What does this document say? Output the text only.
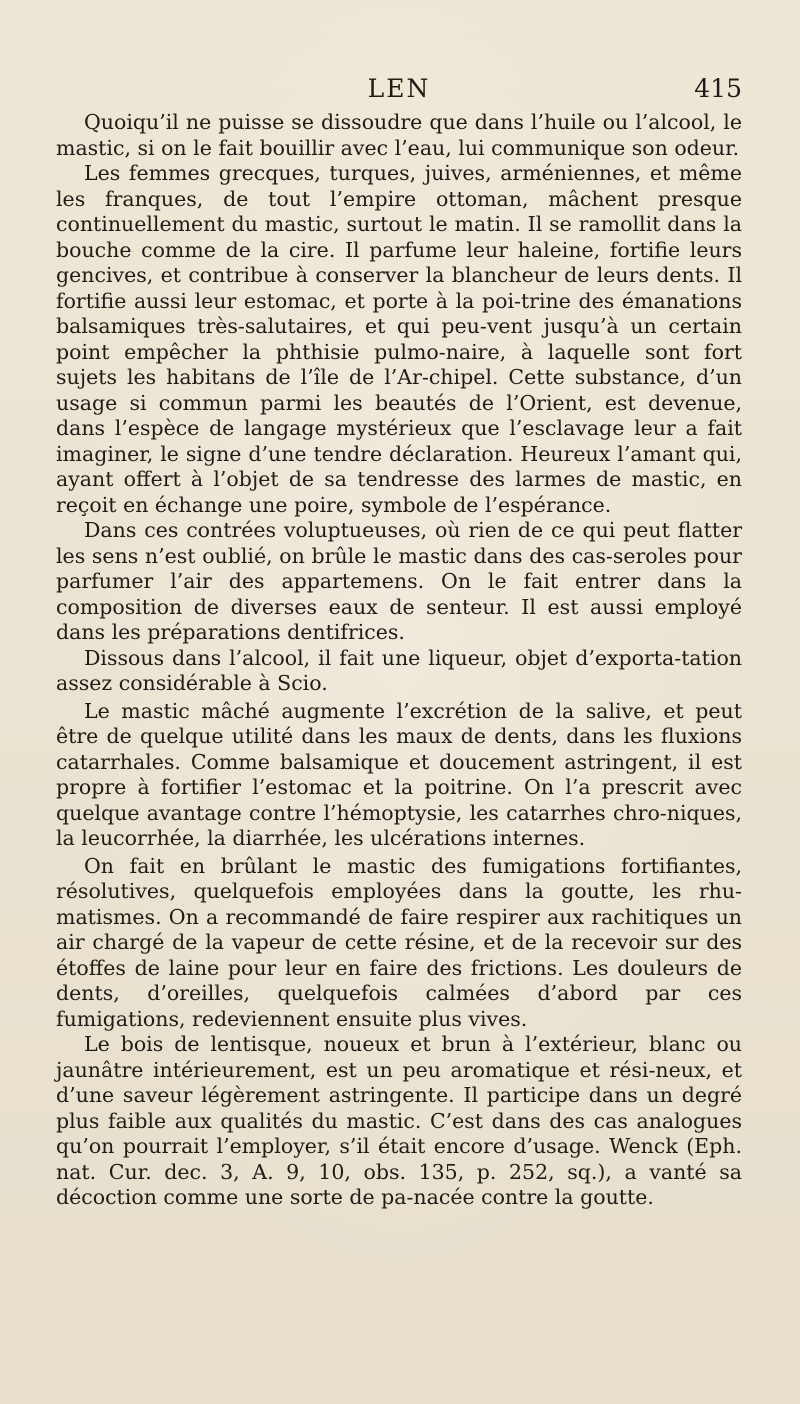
LEN	415

Quoiqu’il ne puisse se dissoudre que dans l’huile ou l’alcool, le mastic, si on le fait bouillir avec l’eau, lui communique son odeur.

Les femmes grecques, turques, juives, arméniennes, et même les franques, de tout l’empire ottoman, mâchent presque continuellement du mastic, surtout le matin. Il se ramollit dans la bouche comme de la cire. Il parfume leur haleine, fortifie leurs gencives, et contribue à conserver la blancheur de leurs dents. Il fortifie aussi leur estomac, et porte à la poi-trine des émanations balsamiques très-salutaires, et qui peu-vent jusqu’à un certain point empêcher la phthisie pulmo-naire, à laquelle sont fort sujets les habitans de l’île de l’Ar-chipel. Cette substance, d’un usage si commun parmi les beautés de l’Orient, est devenue, dans l’espèce de langage mystérieux que l’esclavage leur a fait imaginer, le signe d’une tendre déclaration. Heureux l’amant qui, ayant offert à l’objet de sa tendresse des larmes de mastic, en reçoit en échange une poire, symbole de l’espérance.

Dans ces contrées voluptueuses, où rien de ce qui peut flatter les sens n’est oublié, on brûle le mastic dans des cas-seroles pour parfumer l’air des appartemens. On le fait entrer dans la composition de diverses eaux de senteur. Il est aussi employé dans les préparations dentifrices.

Dissous dans l’alcool, il fait une liqueur, objet d’exporta-tation assez considérable à Scio.

Le mastic mâché augmente l’excrétion de la salive, et peut être de quelque utilité dans les maux de dents, dans les fluxions catarrhales. Comme balsamique et doucement astringent, il est propre à fortifier l’estomac et la poitrine. On l’a prescrit avec quelque avantage contre l’hémoptysie, les catarrhes chro-niques, la leucorrhée, la diarrhée, les ulcérations internes.

On fait en brûlant le mastic des fumigations fortifiantes, résolutives, quelquefois employées dans la goutte, les rhu-matismes. On a recommandé de faire respirer aux rachitiques un air chargé de la vapeur de cette résine, et de la recevoir sur des étoffes de laine pour leur en faire des frictions. Les douleurs de dents, d’oreilles, quelquefois calmées d’abord par ces fumigations, redeviennent ensuite plus vives.

Le bois de lentisque, noueux et brun à l’extérieur, blanc ou jaunâtre intérieurement, est un peu aromatique et rési-neux, et d’une saveur légèrement astringente. Il participe dans un degré plus faible aux qualités du mastic. C’est dans des cas analogues qu’on pourrait l’employer, s’il était encore d’usage. Wenck (Eph. nat. Cur. dec. 3, A. 9, 10, obs. 135, p. 252, sq.), a vanté sa décoction comme une sorte de pa-nacée contre la goutte.
